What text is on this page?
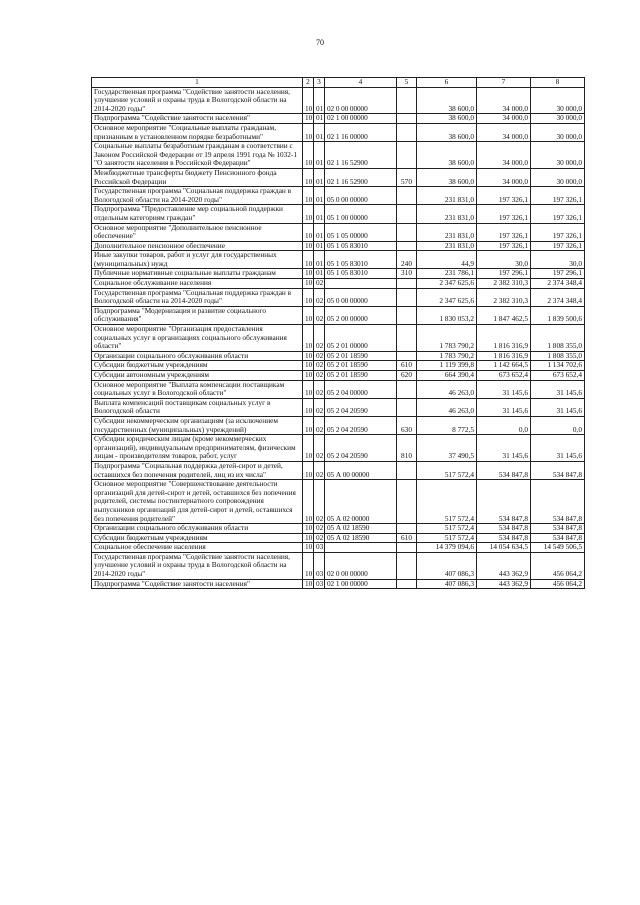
70
1	2	3	4	5	6	7	8
Государственная программа "Содействие занятости населения, улучшение условий и охраны труда в Вологодской области на 2014-2020 годы"	10	01	02 0 00 00000		38 600,0	34 000,0	30 000,0
Подпрограмма "Содействие занятости населения"	10	01	02 1 00 00000		38 600,0	34 000,0	30 000,0
Основное мероприятие "Социальные выплаты гражданам, признанным в установленном порядке безработными"	10	01	02 1 16 00000		38 600,0	34 000,0	30 000,0
Социальные выплаты безработным гражданам в соответствии с Законом Российской Федерации от 19 апреля 1991 года № 1032-1 "О занятости населения в Российской Федерации"	10	01	02 1 16 52900		38 600,0	34 000,0	30 000,0
Межбюджетные трансферты бюджету Пенсионного фонда Российской Федерации	10	01	02 1 16 52900	570	38 600,0	34 000,0	30 000,0
Государственная программа "Социальная поддержка граждан в Вологодской области на 2014-2020 годы"	10	01	05 0 00 00000		231 831,0	197 326,1	197 326,1
Подпрограмма "Предоставление мер социальной поддержки отдельным категориям граждан"	10	01	05 1 00 00000		231 831,0	197 326,1	197 326,1
Основное мероприятие "Дополнительное пенсионное обеспечение"	10	01	05 1 05 00000		231 831,0	197 326,1	197 326,1
Дополнительное пенсионное обеспечение	10	01	05 1 05 83010		231 831,0	197 326,1	197 326,1
Иные закупки товаров, работ и услуг для государственных (муниципальных) нужд	10	01	05 1 05 83010	240	44,9	30,0	30,0
Публичные нормативные социальные выплаты гражданам	10	01	05 1 05 83010	310	231 786,1	197 296,1	197 296,1
Социальное обслуживание населения	10	02			2 347 625,6	2 382 310,3	2 374 348,4
Государственная программа "Социальная поддержка граждан в Вологодской области на 2014-2020 годы"	10	02	05 0 00 00000		2 347 625,6	2 382 310,3	2 374 348,4
Подпрограмма "Модернизация и развитие социального обслуживания"	10	02	05 2 00 00000		1 830 053,2	1 847 462,5	1 839 500,6
Основное мероприятие "Организация предоставления социальных услуг в организациях социального обслуживания области"	10	02	05 2 01 00000		1 783 790,2	1 816 316,9	1 808 355,0
Организации социального обслуживания области	10	02	05 2 01 18590		1 783 790,2	1 816 316,9	1 808 355,0
Субсидии бюджетным учреждениям	10	02	05 2 01 18590	610	1 119 399,8	1 142 664,5	1 134 702,6
Субсидии автономным учреждениям	10	02	05 2 01 18590	620	664 390,4	673 652,4	673 652,4
Основное мероприятие "Выплата компенсации поставщикам социальных услуг в Вологодской области"	10	02	05 2 04 00000		46 263,0	31 145,6	31 145,6
Выплата компенсаций поставщикам социальных услуг в Вологодской области	10	02	05 2 04 20590		46 263,0	31 145,6	31 145,6
Субсидии некоммерческим организациям (за исключением государственных (муниципальных) учреждений)	10	02	05 2 04 20590	630	8 772,5	0,0	0,0
Субсидии юридическим лицам (кроме некоммерческих организаций), индивидуальным предпринимателям, физическим лицам - производителям товаров, работ, услуг	10	02	05 2 04 20590	810	37 490,5	31 145,6	31 145,6
Подпрограмма "Социальная поддержка детей-сирот и детей, оставшихся без попечения родителей, лиц из их числа"	10	02	05 А 00 00000		517 572,4	534 847,8	534 847,8
Основное мероприятие "Совершенствование деятельности организаций для детей-сирот и детей, оставшихся без попечения родителей, системы постинтернатного сопровождения выпускников организаций для детей-сирот и детей, оставшихся без попечения родителей"	10	02	05 А 02 00000		517 572,4	534 847,8	534 847,8
Организации социального обслуживания области	10	02	05 А 02 18590		517 572,4	534 847,8	534 847,8
Субсидии бюджетным учреждениям	10	02	05 А 02 18590	610	517 572,4	534 847,8	534 847,8
Социальное обеспечение населения	10	03			14 379 094,6	14 054 634,5	14 549 506,5
Государственная программа "Содействие занятости населения, улучшение условий и охраны труда в Вологодской области на 2014-2020 годы"	10	03	02 0 00 00000		407 086,3	443 362,9	456 064,2
Подпрограмма "Содействие занятости населения"	10	03	02 1 00 00000		407 086,3	443 362,9	456 064,2
